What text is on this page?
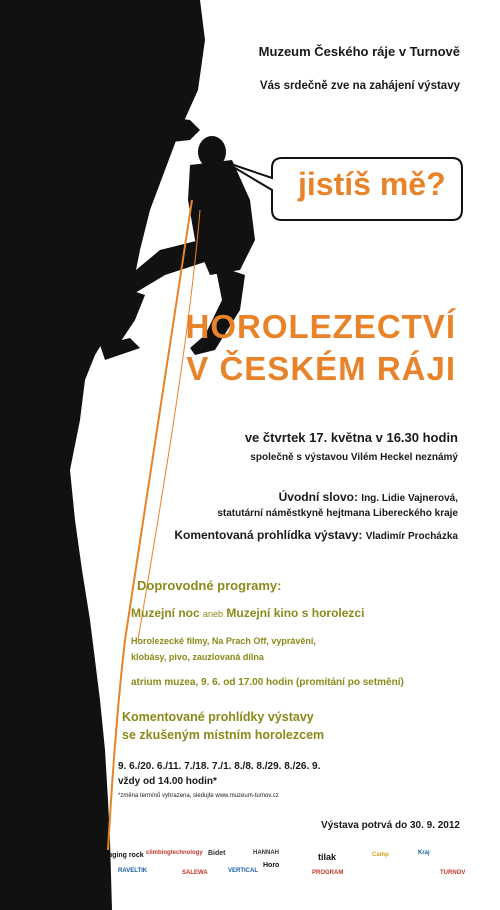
Muzeum Českého ráje v Turnově
Vás srdečně zve na zahájení výstavy
jistíš mě?
HOROLEZECTVÍ
V ČESKÉM RÁJI
ve čtvrtek 17. května v 16.30 hodin
společně s výstavou Vilém Heckel neznámý
Úvodní slovo: Ing. Lidie Vajnerová,
statutární náměstkyně hejtmana Libereckého kraje
Komentovaná prohlídka výstavy: Vladimír Procházka
Doprovodné programy:
Muzejní noc aneb Muzejní kino s horolezci
Horolezecké filmy, Na Prach Off, vyprávění,
klobásy, pivo, zauzlovaná dílna
atrium muzea, 9. 6. od 17.00 hodin (promítání po setmění)
Komentované prohlídky výstavy
se zkušeným místním horolezcem
9. 6./20. 6./11. 7./18. 7./1. 8./8. 8./29. 8./26. 9.
vždy od 14.00 hodin*
*změna termínů vyhrazena, sledujte www.muzeum-turnov.cz
Výstava potrvá do 30. 9. 2012
singing rock climbingtechnology Bidet	HANNAH
RAVELTIK	SALEWA	VERTICAL
Horo
tilak
PROGRAM
Camp	Kraj
TURNOV
